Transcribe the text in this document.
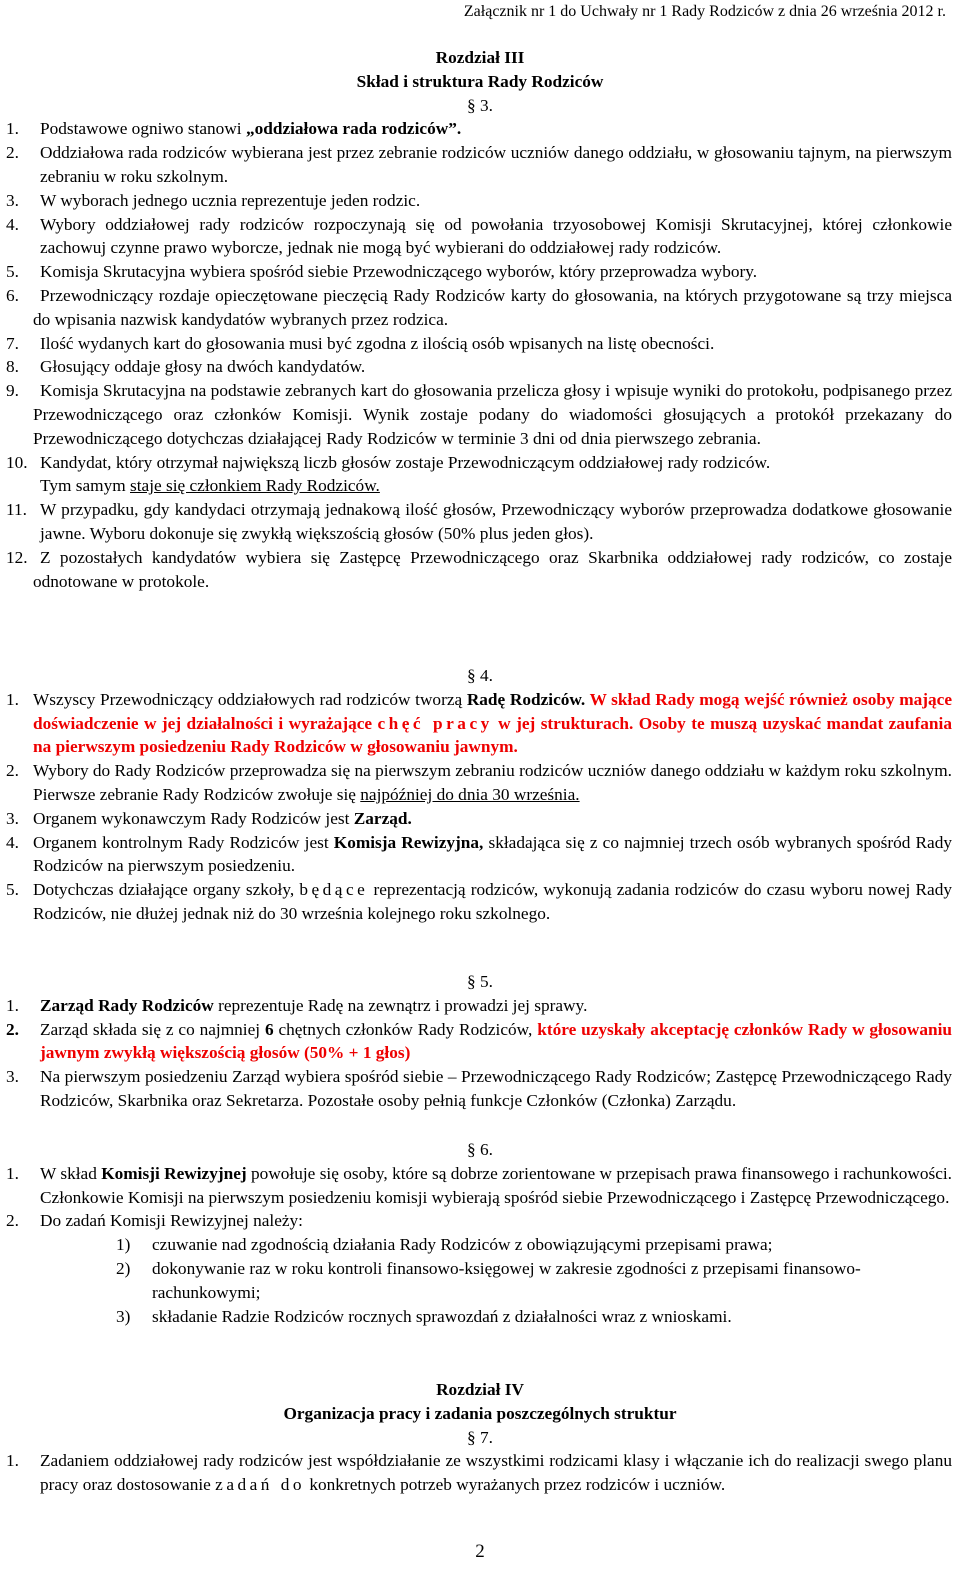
Załącznik nr 1 do Uchwały nr 1 Rady Rodziców z dnia 26 września 2012 r.
Rozdział III
Skład i struktura Rady Rodziców
§ 3.
1. Podstawowe ogniwo stanowi „oddziałowa rada rodziców”.
2. Oddziałowa rada rodziców wybierana jest przez zebranie rodziców uczniów danego oddziału, w głosowaniu tajnym, na pierwszym zebraniu w roku szkolnym.
3. W wyborach jednego ucznia reprezentuje jeden rodzic.
4. Wybory oddziałowej rady rodziców rozpoczynają się od powołania trzyosobowej Komisji Skrutacyjnej, której członkowie zachowuj czynne prawo wyborcze, jednak nie mogą być wybierani do oddziałowej rady rodziców.
5. Komisja Skrutacyjna wybiera spośród siebie Przewodniczącego wyborów, który przeprowadza wybory.
6. Przewodniczący rozdaje opieczętowane pieczęcią Rady Rodziców karty do głosowania, na których przygotowane są trzy miejsca do wpisania nazwisk kandydatów wybranych przez rodzica.
7. Ilość wydanych kart do głosowania musi być zgodna z ilością osób wpisanych na listę obecności.
8. Głosujący oddaje głosy na dwóch kandydatów.
9. Komisja Skrutacyjna na podstawie zebranych kart do głosowania przelicza głosy i wpisuje wyniki do protokołu, podpisanego przez Przewodniczącego oraz członków Komisji. Wynik zostaje podany do wiadomości głosujących a protokół przekazany do Przewodniczącego dotychczas działającej Rady Rodziców w terminie 3 dni od dnia pierwszego zebrania.
10. Kandydat, który otrzymał największą liczb głosów zostaje Przewodniczącym oddziałowej rady rodziców.
Tym samym staje się członkiem Rady Rodziców.
11. W przypadku, gdy kandydaci otrzymają jednakową ilość głosów, Przewodniczący wyborów przeprowadza dodatkowe głosowanie jawne. Wyboru dokonuje się zwykłą większością głosów (50% plus jeden głos).
12. Z pozostałych kandydatów wybiera się Zastępcę Przewodniczącego oraz Skarbnika oddziałowej rady rodziców, co zostaje odnotowane w protokole.
§ 4.
1. Wszyscy Przewodniczący oddziałowych rad rodziców tworzą Radę Rodziców. W skład Rady mogą wejść również osoby mające doświadczenie w jej działalności i wyrażające chęć pracy w jej strukturach. Osoby te muszą uzyskać mandat zaufania na pierwszym posiedzeniu Rady Rodziców w głosowaniu jawnym.
2. Wybory do Rady Rodziców przeprowadza się na pierwszym zebraniu rodziców uczniów danego oddziału w każdym roku szkolnym. Pierwsze zebranie Rady Rodziców zwołuje się najpóźniej do dnia 30 września.
3. Organem wykonawczym Rady Rodziców jest Zarząd.
4. Organem kontrolnym Rady Rodziców jest Komisja Rewizyjna, składająca się z co najmniej trzech osób wybranych spośród Rady Rodziców na pierwszym posiedzeniu.
5. Dotychczas działające organy szkoły, będące reprezentacją rodziców, wykonują zadania rodziców do czasu wyboru nowej Rady Rodziców, nie dłużej jednak niż do 30 września kolejnego roku szkolnego.
§ 5.
1. Zarząd Rady Rodziców reprezentuje Radę na zewnątrz i prowadzi jej sprawy.
2. Zarząd składa się z co najmniej 6 chętnych członków Rady Rodziców, które uzyskały akceptację członków Rady w głosowaniu jawnym zwykłą większością głosów (50% + 1 głos)
3. Na pierwszym posiedzeniu Zarząd wybiera spośród siebie – Przewodniczącego Rady Rodziców; Zastępcę Przewodniczącego Rady Rodziców, Skarbnika oraz Sekretarza. Pozostałe osoby pełnią funkcje Członków (Członka) Zarządu.
§ 6.
1. W skład Komisji Rewizyjnej powołuje się osoby, które są dobrze zorientowane w przepisach prawa finansowego i rachunkowości. Członkowie Komisji na pierwszym posiedzeniu komisji wybierają spośród siebie Przewodniczącego i Zastępcę Przewodniczącego.
2. Do zadań Komisji Rewizyjnej należy:
1) czuwanie nad zgodnością działania Rady Rodziców z obowiązującymi przepisami prawa;
2) dokonywanie raz w roku kontroli finansowo-księgowej w zakresie zgodności z przepisami finansowo-rachunkowymi;
3) składanie Radzie Rodziców rocznych sprawozdań z działalności wraz z wnioskami.
Rozdział IV
Organizacja pracy i zadania poszczególnych struktur
§ 7.
1. Zadaniem oddziałowej rady rodziców jest współdziałanie ze wszystkimi rodzicami klasy i włączanie ich do realizacji swego planu pracy oraz dostosowanie zadań do konkretnych potrzeb wyrażanych przez rodziców i uczniów.
2
